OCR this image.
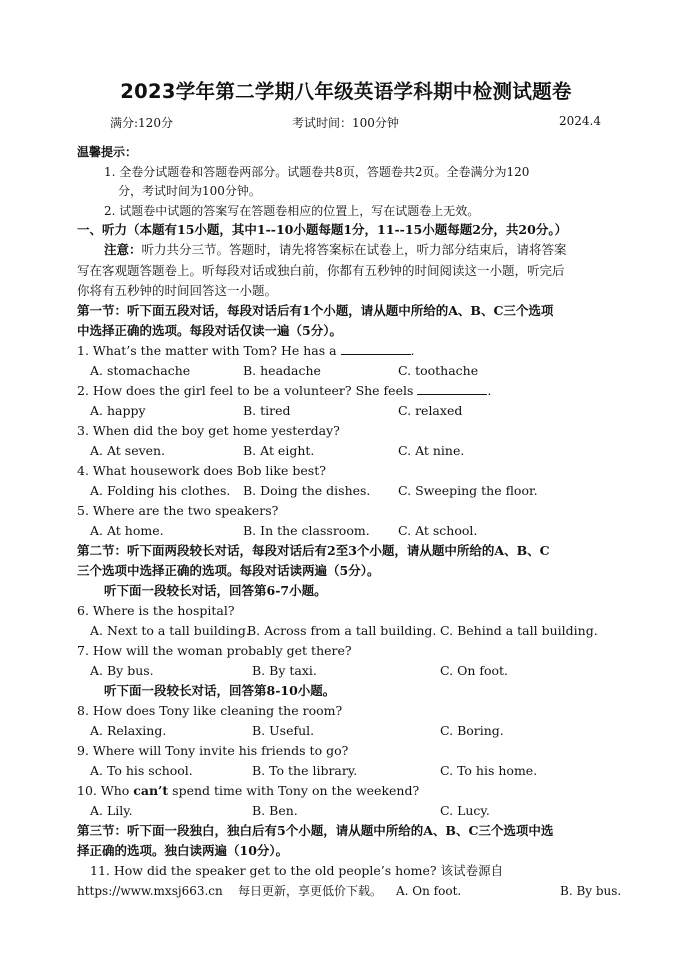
2023学年第二学期八年级英语学科期中检测试题卷
满分:120分	考试时间：100分钟	2024.4
温馨提示：
1. 全卷分试题卷和答题卷两部分。试题卷共8页，答题卷共2页。全卷满分为120
分，考试时间为100分钟。
2. 试题卷中试题的答案写在答题卷相应的位置上，写在试题卷上无效。
一、听力（本题有15小题，其中1--10小题每题1分，11--15小题每题2分，共20分。）
注意：听力共分三节。答题时，请先将答案标在试卷上，听力部分结束后，请将答案
写在客观题答题卷上。听每段对话或独白前，你都有五秒钟的时间阅读这一小题，听完后
你将有五秒钟的时间回答这一小题。
第一节：听下面五段对话，每段对话后有1个小题，请从题中所给的A、B、C三个选项
中选择正确的选项。每段对话仅读一遍（5分）。
1. What’s the matter with Tom? He has a	.
A. stomachache	B. headache	C. toothache
2. How does the girl feel to be a volunteer? She feels	.
A. happy	B. tired	C. relaxed
3. When did the boy get home yesterday?
A. At seven.	B. At eight.	C. At nine.
4. What housework does Bob like best?
A. Folding his clothes. B. Doing the dishes. C. Sweeping the floor.
5. Where are the two speakers?
A. At home.	B. In the classroom. C. At school.
第二节：听下面两段较长对话，每段对话后有2至3个小题，请从题中所给的A、B、C
三个选项中选择正确的选项。每段对话读两遍（5分）。
听下面一段较长对话，回答第6-7小题。
6. Where is the hospital?
A. Next to a tall building.
B. Across from a tall building. C. Behind a tall building.
7. How will the woman probably get there?
A. By bus.	B. By taxi.	C. On foot.
听下面一段较长对话，回答第8-10小题。
8. How does Tony like cleaning the room?
A. Relaxing.	B. Useful.	C. Boring.
9. Where will Tony invite his friends to go?
A. To his school.	B. To the library.	C. To his home.
10. Who can’t spend time with Tony on the weekend?
A. Lily.	B. Ben.	C. Lucy.
第三节：听下面一段独白，独白后有5个小题，请从题中所给的A、B、C三个选项中选
择正确的选项。独白读两遍（10分）。
11. How did the speaker get to the old people’s home? 该试卷源自
https://www.mxsj663.cn 每日更新，享更低价下载。 A. On foot.	B. By bus.
